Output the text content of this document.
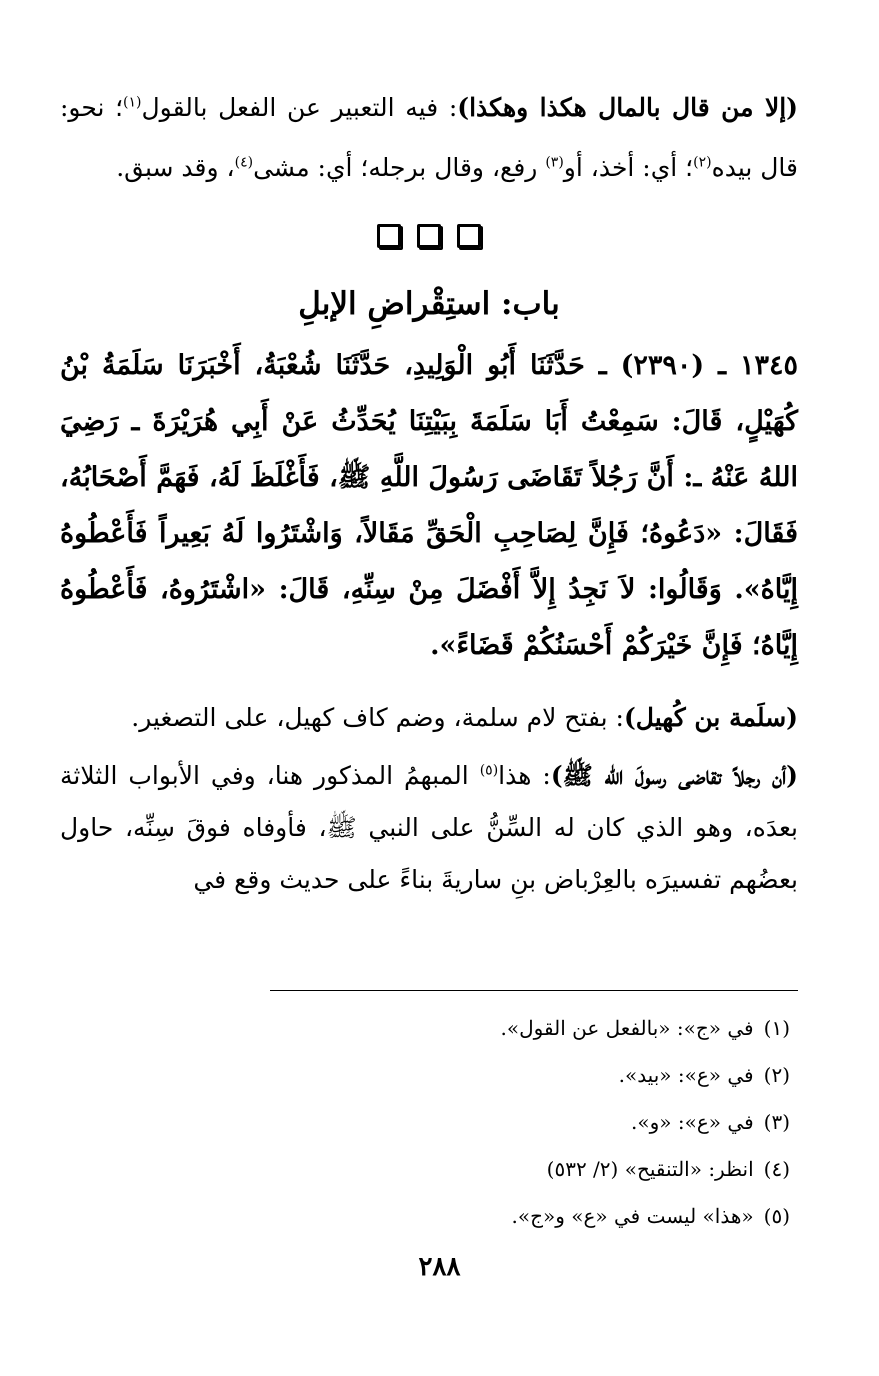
(إلا من قال بالمال هكذا وهكذا): فيه التعبير عن الفعل بالقول$^{(١)}$؛ نحو: قال بيده$^{(٢)}$؛ أي: أخذ، أو$^{(٣)}$ رفع، وقال برجله؛ أي: مشى$^{(٤)}$، وقد سبق.

باب: استِقْراضِ الإبلِ

١٣٤٥ ـ (٢٣٩٠) ـ حَدَّثَنَا أَبُو الْوَلِيدِ، حَدَّثَنَا شُعْبَةُ، أَخْبَرَنَا سَلَمَةُ بْنُ كُهَيْلٍ، قَالَ: سَمِعْتُ أَبَا سَلَمَةَ بِبَيْتِنَا يُحَدِّثُ عَنْ أَبِي هُرَيْرَةَ ـ رَضِيَ اللهُ عَنْهُ ـ: أَنَّ رَجُلاً تَقَاضَى رَسُولَ اللَّهِ ﷺ، فَأَغْلَظَ لَهُ، فَهَمَّ أَصْحَابُهُ، فَقَالَ: «دَعُوهُ؛ فَإِنَّ لِصَاحِبِ الْحَقِّ مَقَالاً، وَاشْتَرُوا لَهُ بَعِيراً فَأَعْطُوهُ إِيَّاهُ». وَقَالُوا: لاَ نَجِدُ إِلاَّ أَفْضَلَ مِنْ سِنِّهِ، قَالَ: «اشْتَرُوهُ، فَأَعْطُوهُ إِيَّاهُ؛ فَإِنَّ خَيْرَكُمْ أَحْسَنُكُمْ قَضَاءً».

(سلَمة بن كُهيل): بفتح لام سلمة، وضم كاف كهيل، على التصغير.

(أن رجلاً تقاضى رسولَ الله ﷺ): هذا$^{(٥)}$ المبهمُ المذكور هنا، وفي الأبواب الثلاثة بعدَه، وهو الذي كان له السِّنُّ على النبي ﷺ، فأوفاه فوقَ سِنِّه، حاول بعضُهم تفسيرَه بالعِرْباض بنِ ساريةَ بناءً على حديث وقع في

(١)في «ج»: «بالفعل عن القول».
(٢)في «ع»: «بيد».
(٣)في «ع»: «و».
(٤)انظر: «التنقيح» (٢/ ٥٣٢)
(٥)«هذا» ليست في «ع» و«ج».
٢٨٨
